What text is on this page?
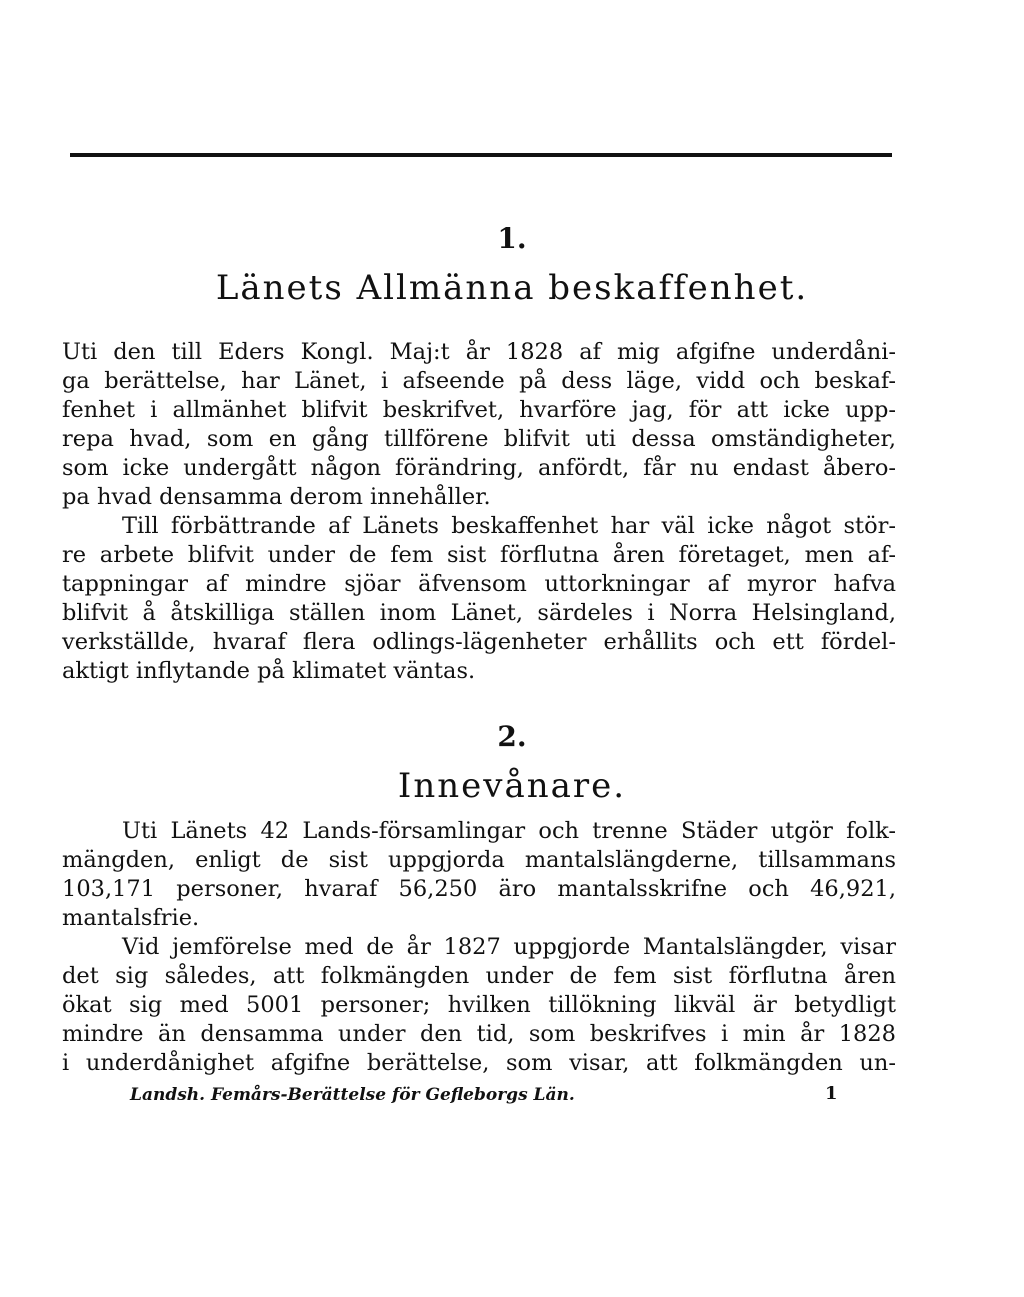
1.
Länets Allmänna beskaffenhet.
Uti den till Eders Kongl. Maj:t år 1828 af mig afgifne underdåni-
ga berättelse, har Länet, i afseende på dess läge, vidd och beskaf-
fenhet i allmänhet blifvit beskrifvet, hvarföre jag, för att icke upp-
repa hvad, som en gång tillförene blifvit uti dessa omständigheter,
som icke undergått någon förändring, anfördt, får nu endast åbero-
pa hvad densamma derom innehåller.
Till förbättrande af Länets beskaffenhet har väl icke något stör-
re arbete blifvit under de fem sist förflutna åren företaget, men af-
tappningar af mindre sjöar äfvensom uttorkningar af myror hafva
blifvit å åtskilliga ställen inom Länet, särdeles i Norra Helsingland,
verkställde, hvaraf flera odlings-lägenheter erhållits och ett fördel-
aktigt inflytande på klimatet väntas.
2.
Innevånare.
Uti Länets 42 Lands-församlingar och trenne Städer utgör folk-
mängden, enligt de sist uppgjorda mantalslängderne, tillsammans
103,171 personer, hvaraf 56,250 äro mantalsskrifne och 46,921,
mantalsfrie.
Vid jemförelse med de år 1827 uppgjorde Mantalslängder, visar
det sig således, att folkmängden under de fem sist förflutna åren
ökat sig med 5001 personer; hvilken tillökning likväl är betydligt
mindre än densamma under den tid, som beskrifves i min år 1828
i underdånighet afgifne berättelse, som visar, att folkmängden un-
Landsh. Femårs-Berättelse för Gefleborgs Län.	1
